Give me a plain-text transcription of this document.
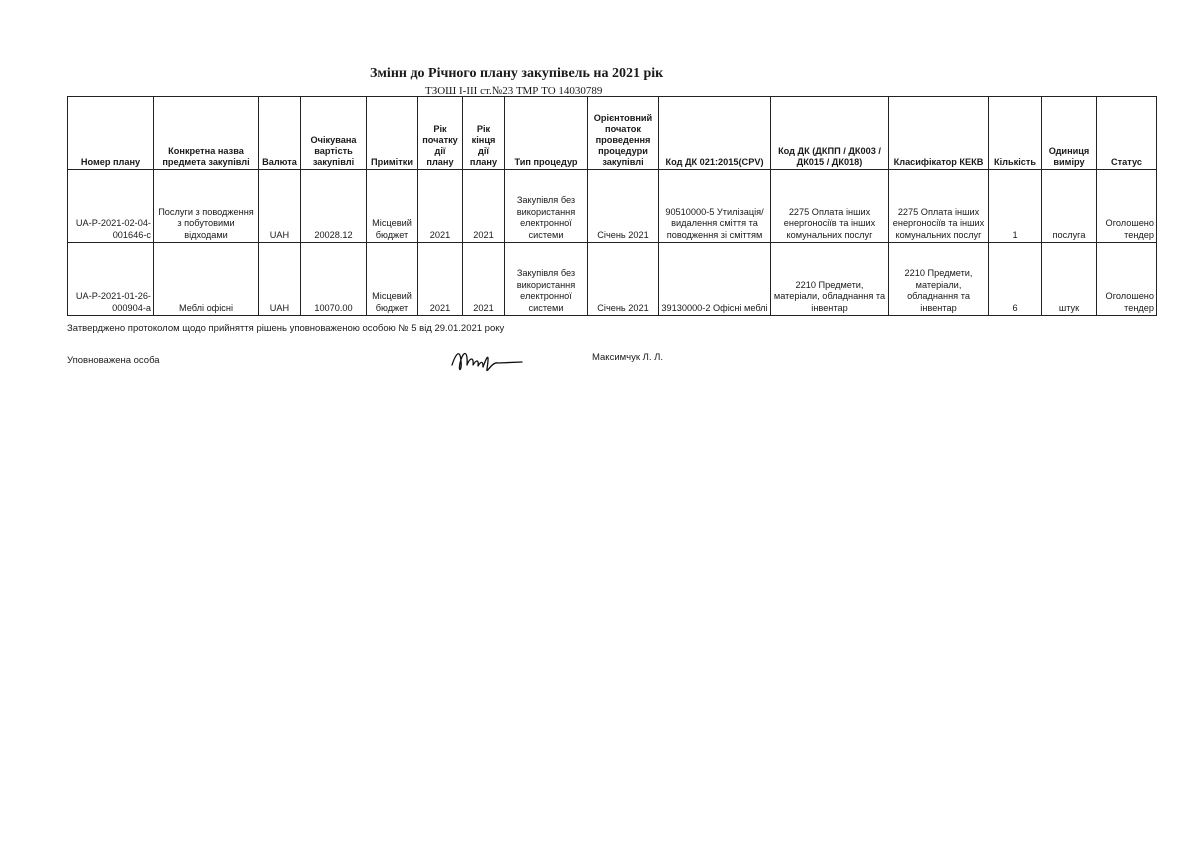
Змінн до Річного плану закупівель на 2021 рік
ТЗОШ І-ІІІ ст.№23 ТМР ТО 14030789
Номер плану	Конкретна назва предмета закупівлі	Валюта	Очікувана вартість закупівлі	Примітки	Рік початку дії плану	Рік кінця дії плану	Тип процедур	Орієнтовний початок проведення процедури закупівлі	Код ДК 021:2015(CPV)	Код ДК (ДКПП / ДК003 / ДК015 / ДК018)	Класифікатор КЕКВ	Кількість	Одиниця виміру	Статус
UA-P-2021-02-04-001646-c	Послуги з поводження з побутовими відходами	UAH	20028.12	Місцевий бюджет	2021	2021	Закупівля без використання електронної системи	Січень 2021	90510000-5 Утилізація/видалення сміття та поводження зі сміттям	2275 Оплата інших енергоносіїв та інших комунальних послуг	2275 Оплата інших енергоносіїв та інших комунальних послуг	1	послуга	Оголошено тендер
UA-P-2021-01-26-000904-a	Меблі офісні	UAH	10070.00	Місцевий бюджет	2021	2021	Закупівля без використання електронної системи	Січень 2021	39130000-2 Офісні меблі	2210 Предмети, матеріали, обладнання та інвентар	2210 Предмети, матеріали, обладнання та інвентар	6	штук	Оголошено тендер
Затверджено протоколом щодо прийняття рішень уповноваженою особою № 5 від 29.01.2021 року
Уповноважена особа	Максимчук Л. Л.
